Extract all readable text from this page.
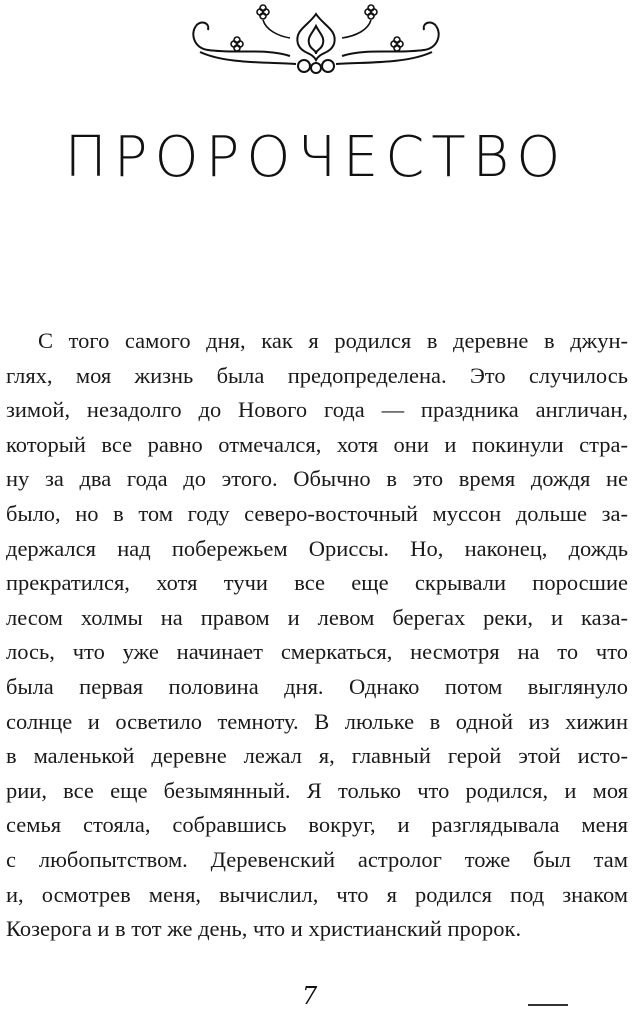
ПРОРОЧЕСТВО
С того самого дня, как я родился в деревне в джун-
глях, моя жизнь была предопределена. Это случилось
зимой, незадолго до Нового года — праздника англичан,
который все равно отмечался, хотя они и покинули стра-
ну за два года до этого. Обычно в это время дождя не
было, но в том году северо-восточный муссон дольше за-
держался над побережьем Ориссы. Но, наконец, дождь
прекратился, хотя тучи все еще скрывали поросшие
лесом холмы на правом и левом берегах реки, и каза-
лось, что уже начинает смеркаться, несмотря на то что
была первая половина дня. Однако потом выглянуло
солнце и осветило темноту. В люльке в одной из хижин
в маленькой деревне лежал я, главный герой этой исто-
рии, все еще безымянный. Я только что родился, и моя
семья стояла, собравшись вокруг, и разглядывала меня
с любопытством. Деревенский астролог тоже был там
и, осмотрев меня, вычислил, что я родился под знаком
Козерога и в тот же день, что и христианский пророк.
7
